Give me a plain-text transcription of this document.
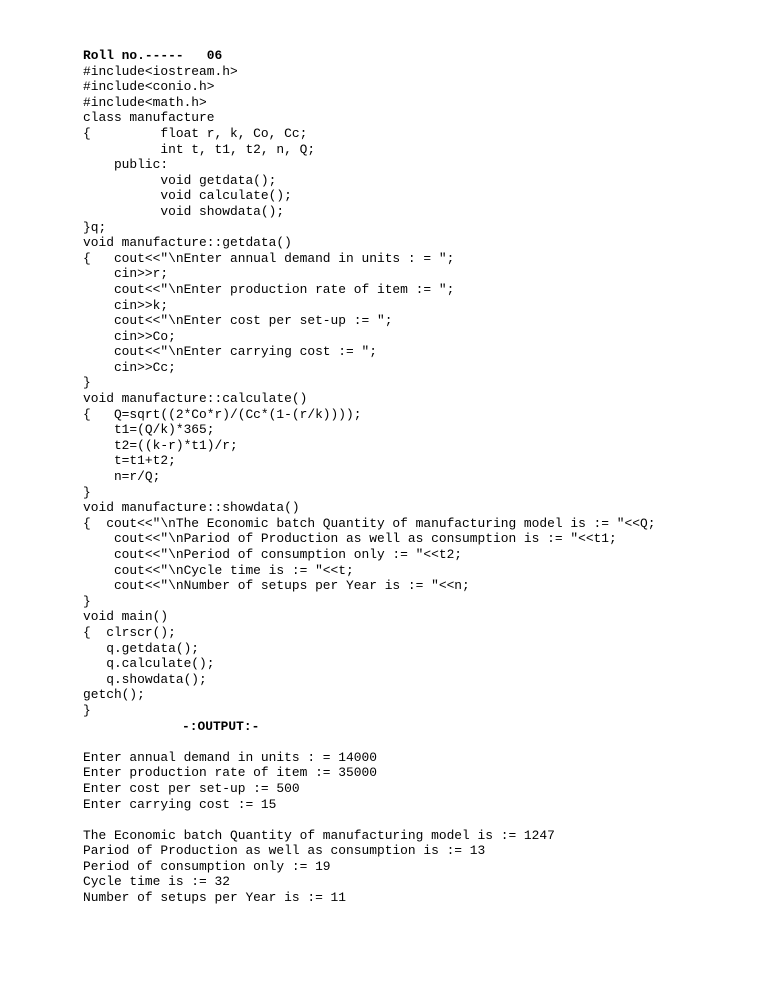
Roll no.----- 06
#include<iostream.h>
#include<conio.h>
#include<math.h>
class manufacture
{         float r, k, Co, Cc;
int t, t1, t2, n, Q;
public:
void getdata();
void calculate();
void showdata();
}q;
void manufacture::getdata()
{   cout<<"\nEnter annual demand in units : = ";
cin>>r;
cout<<"\nEnter production rate of item := ";
cin>>k;
cout<<"\nEnter cost per set-up := ";
cin>>Co;
cout<<"\nEnter carrying cost := ";
cin>>Cc;
}
void manufacture::calculate()
{   Q=sqrt((2*Co*r)/(Cc*(1-(r/k))));
t1=(Q/k)*365;
t2=((k-r)*t1)/r;
t=t1+t2;
n=r/Q;
}
void manufacture::showdata()
{  cout<<"\nThe Economic batch Quantity of manufacturing model is := "<<Q;
cout<<"\nPariod of Production as well as consumption is := "<<t1;
cout<<"\nPeriod of consumption only := "<<t2;
cout<<"\nCycle time is := "<<t;
cout<<"\nNumber of setups per Year is := "<<n;
}
void main()
{  clrscr();
q.getdata();
q.calculate();
q.showdata();
getch();
}
-:OUTPUT:-
Enter annual demand in units : = 14000
Enter production rate of item := 35000
Enter cost per set-up := 500
Enter carrying cost := 15
The Economic batch Quantity of manufacturing model is := 1247
Pariod of Production as well as consumption is := 13
Period of consumption only := 19
Cycle time is := 32
Number of setups per Year is := 11
